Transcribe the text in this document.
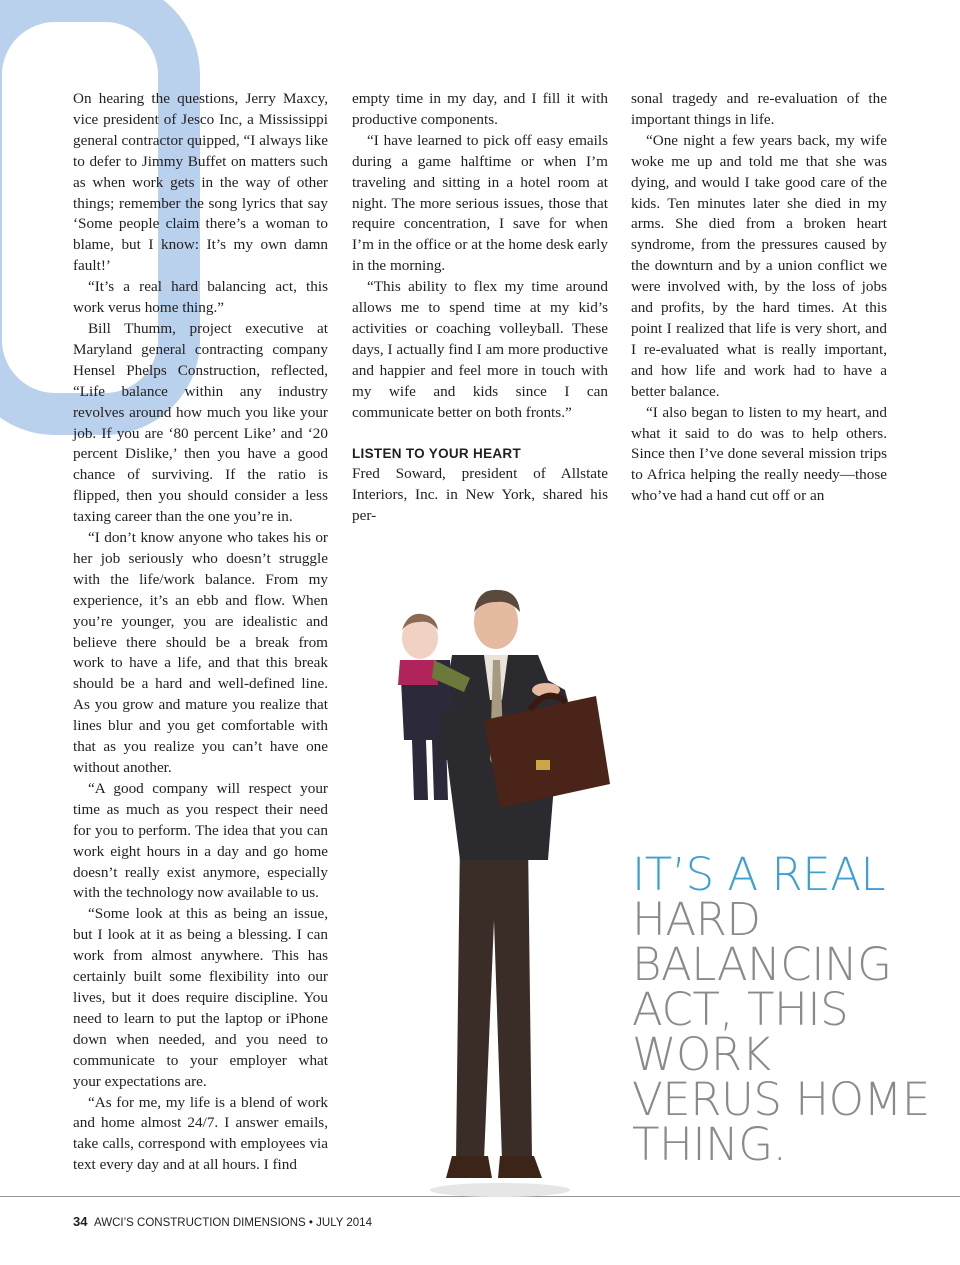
On hearing the questions, Jerry Maxcy, vice president of Jesco Inc, a Mississippi general contractor quipped, “I always like to defer to Jimmy Buffet on matters such as when work gets in the way of other things; remember the song lyrics that say ‘Some people claim there’s a woman to blame, but I know: It’s my own damn fault!’

“It’s a real hard balancing act, this work verus home thing.”

Bill Thumm, project executive at Maryland general contracting company Hensel Phelps Construction, reflected, “Life balance within any industry revolves around how much you like your job. If you are ‘80 percent Like’ and ‘20 percent Dislike,’ then you have a good chance of surviving. If the ratio is flipped, then you should consider a less taxing career than the one you’re in.

“I don’t know anyone who takes his or her job seriously who doesn’t struggle with the life/work balance. From my experience, it’s an ebb and flow. When you’re younger, you are idealistic and believe there should be a break from work to have a life, and that this break should be a hard and well-defined line. As you grow and mature you realize that lines blur and you get comfortable with that as you realize you can’t have one without another.

“A good company will respect your time as much as you respect their need for you to perform. The idea that you can work eight hours in a day and go home doesn’t really exist anymore, especially with the technology now available to us.

“Some look at this as being an issue, but I look at it as being a blessing. I can work from almost anywhere. This has certainly built some flexibility into our lives, but it does require discipline. You need to learn to put the laptop or iPhone down when needed, and you need to communicate to your employer what your expectations are.

“As for me, my life is a blend of work and home almost 24/7. I answer emails, take calls, correspond with employees via text every day and at all hours. I find

empty time in my day, and I fill it with productive components.

“I have learned to pick off easy emails during a game halftime or when I’m traveling and sitting in a hotel room at night. The more serious issues, those that require concentration, I save for when I’m in the office or at the home desk early in the morning.

“This ability to flex my time around allows me to spend time at my kid’s activities or coaching volleyball. These days, I actually find I am more productive and happier and feel more in touch with my wife and kids since I can communicate better on both fronts.”

LISTEN TO YOUR HEART

Fred Soward, president of Allstate Interiors, Inc. in New York, shared his per-

sonal tragedy and re-evaluation of the important things in life.

“One night a few years back, my wife woke me up and told me that she was dying, and would I take good care of the kids. Ten minutes later she died in my arms. She died from a broken heart syndrome, from the pressures caused by the downturn and by a union conflict we were involved with, by the loss of jobs and profits, by the hard times. At this point I realized that life is very short, and I re-evaluated what is really important, and how life and work had to have a better balance.

“I also began to listen to my heart, and what it said to do was to help others. Since then I’ve done several mission trips to Africa helping the really needy—those who’ve had a hand cut off or an

IT’S A REAL
HARD
BALANCING
ACT, THIS
WORK
VERUS HOME
THING.
34 AWCI’S CONSTRUCTION DIMENSIONS • JULY 2014
